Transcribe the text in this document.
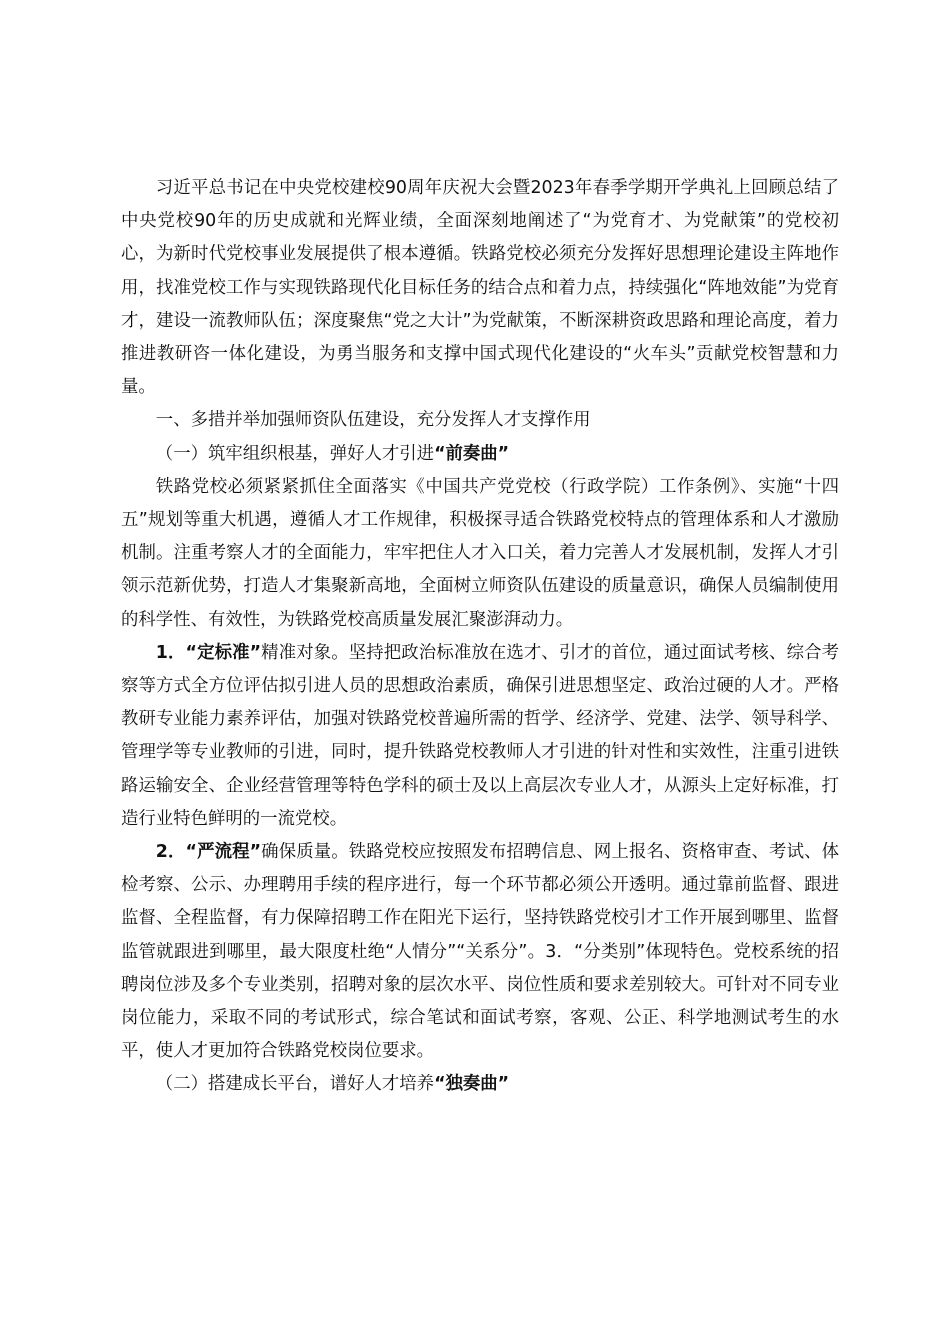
习近平总书记在中央党校建校90周年庆祝大会暨2023年春季学期开学典礼上回顾总结了中央党校90年的历史成就和光辉业绩，全面深刻地阐述了“为党育才、为党献策”的党校初心，为新时代党校事业发展提供了根本遵循。铁路党校必须充分发挥好思想理论建设主阵地作用，找准党校工作与实现铁路现代化目标任务的结合点和着力点，持续强化“阵地效能”为党育才，建设一流教师队伍；深度聚焦“党之大计”为党献策，不断深耕资政思路和理论高度，着力推进教研咨一体化建设，为勇当服务和支撑中国式现代化建设的“火车头”贡献党校智慧和力量。

一、多措并举加强师资队伍建设，充分发挥人才支撑作用

（一）筑牢组织根基，弹好人才引进“前奏曲”

铁路党校必须紧紧抓住全面落实《中国共产党党校（行政学院）工作条例》、实施“十四五”规划等重大机遇，遵循人才工作规律，积极探寻适合铁路党校特点的管理体系和人才激励机制。注重考察人才的全面能力，牢牢把住人才入口关，着力完善人才发展机制，发挥人才引领示范新优势，打造人才集聚新高地，全面树立师资队伍建设的质量意识，确保人员编制使用的科学性、有效性，为铁路党校高质量发展汇聚澎湃动力。

1．“定标准”精准对象。坚持把政治标准放在选才、引才的首位，通过面试考核、综合考察等方式全方位评估拟引进人员的思想政治素质，确保引进思想坚定、政治过硬的人才。严格教研专业能力素养评估，加强对铁路党校普遍所需的哲学、经济学、党建、法学、领导科学、管理学等专业教师的引进，同时，提升铁路党校教师人才引进的针对性和实效性，注重引进铁路运输安全、企业经营管理等特色学科的硕士及以上高层次专业人才，从源头上定好标准，打造行业特色鲜明的一流党校。

2．“严流程”确保质量。铁路党校应按照发布招聘信息、网上报名、资格审查、考试、体检考察、公示、办理聘用手续的程序进行，每一个环节都必须公开透明。通过靠前监督、跟进监督、全程监督，有力保障招聘工作在阳光下运行，坚持铁路党校引才工作开展到哪里、监督监管就跟进到哪里，最大限度杜绝“人情分”“关系分”。3．“分类别”体现特色。党校系统的招聘岗位涉及多个专业类别，招聘对象的层次水平、岗位性质和要求差别较大。可针对不同专业岗位能力，采取不同的考试形式，综合笔试和面试考察，客观、公正、科学地测试考生的水平，使人才更加符合铁路党校岗位要求。

（二）搭建成长平台，谱好人才培养“独奏曲”
